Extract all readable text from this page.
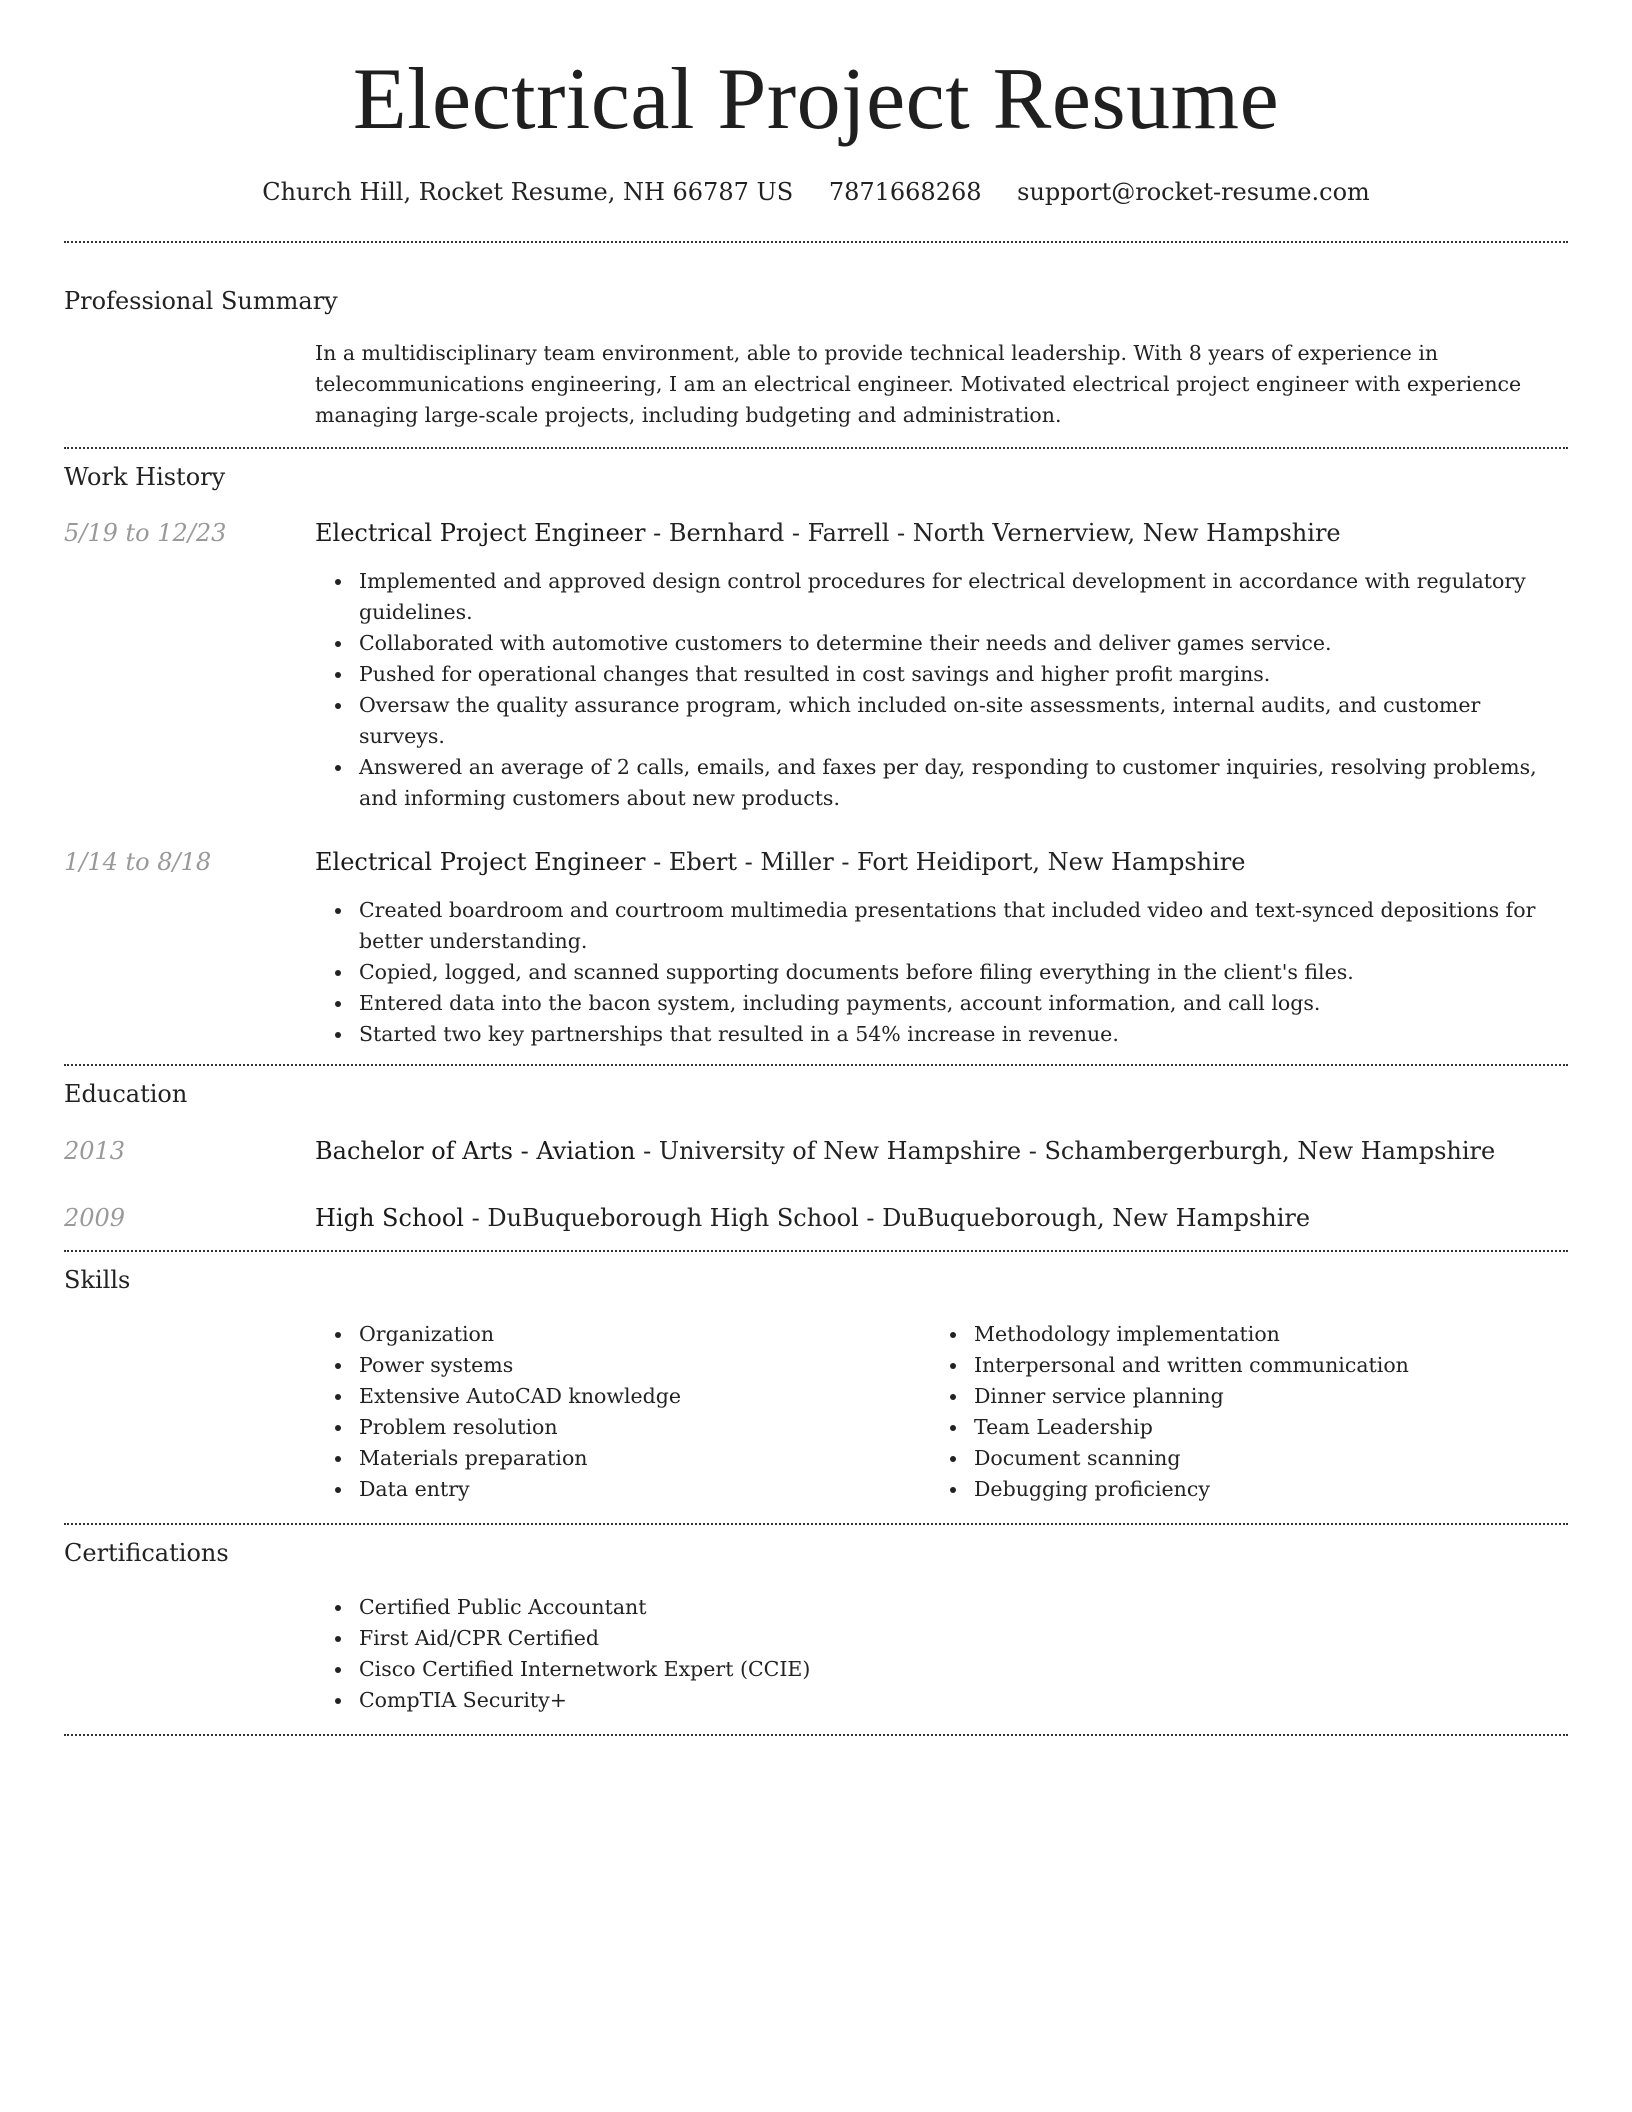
Electrical Project Resume
Church Hill, Rocket Resume, NH 66787 US 7871668268 support@rocket-resume.com
Professional Summary

In a multidisciplinary team environment, able to provide technical leadership. With 8 years of experience in telecommunications engineering, I am an electrical engineer. Motivated electrical project engineer with experience managing large-scale projects, including budgeting and administration.

Work History
5/19 to 12/23	Electrical Project Engineer - Bernhard - Farrell - North Vernerview, New Hampshire
Implemented and approved design control procedures for electrical development in accordance with regulatory guidelines.
Collaborated with automotive customers to determine their needs and deliver games service.
Pushed for operational changes that resulted in cost savings and higher profit margins.
Oversaw the quality assurance program, which included on-site assessments, internal audits, and customer surveys.
Answered an average of 2 calls, emails, and faxes per day, responding to customer inquiries, resolving problems, and informing customers about new products.
1/14 to 8/18	Electrical Project Engineer - Ebert - Miller - Fort Heidiport, New Hampshire
Created boardroom and courtroom multimedia presentations that included video and text-synced depositions for better understanding.
Copied, logged, and scanned supporting documents before filing everything in the client's files.
Entered data into the bacon system, including payments, account information, and call logs.
Started two key partnerships that resulted in a 54% increase in revenue.
Education
2013	Bachelor of Arts - Aviation - University of New Hampshire - Schambergerburgh, New Hampshire
2009	High School - DuBuqueborough High School - DuBuqueborough, New Hampshire
Skills
Organization
Power systems
Extensive AutoCAD knowledge
Problem resolution
Materials preparation
Data entry
Methodology implementation
Interpersonal and written communication
Dinner service planning
Team Leadership
Document scanning
Debugging proficiency
Certifications
Certified Public Accountant
First Aid/CPR Certified
Cisco Certified Internetwork Expert (CCIE)
CompTIA Security+
